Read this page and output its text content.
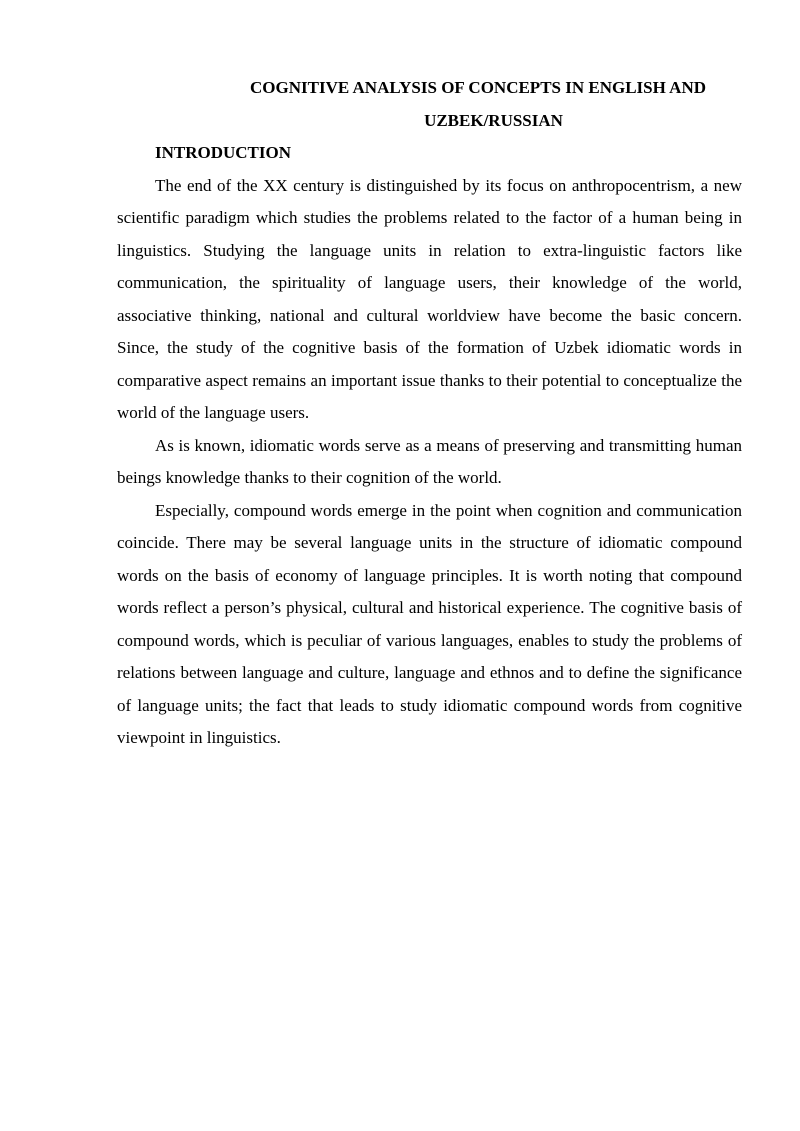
COGNITIVE ANALYSIS OF CONCEPTS IN ENGLISH AND
UZBEK/RUSSIAN
INTRODUCTION

The end of the XX century is distinguished by its focus on anthropocentrism, a new scientific paradigm which studies the problems related to the factor of a human being in linguistics. Studying the language units in relation to extra-linguistic factors like communication, the spirituality of language users, their knowledge of the world, associative thinking, national and cultural worldview have become the basic concern. Since, the study of the cognitive basis of the formation of Uzbek idiomatic words in comparative aspect remains an important issue thanks to their potential to conceptualize the world of the language users.

As is known, idiomatic words serve as a means of preserving and transmitting human beings knowledge thanks to their cognition of the world.

Especially, compound words emerge in the point when cognition and communication coincide. There may be several language units in the structure of idiomatic compound words on the basis of economy of language principles. It is worth noting that compound words reflect a person’s physical, cultural and historical experience. The cognitive basis of compound words, which is peculiar of various languages, enables to study the problems of relations between language and culture, language and ethnos and to define the significance of language units; the fact that leads to study idiomatic compound words from cognitive viewpoint in linguistics.
